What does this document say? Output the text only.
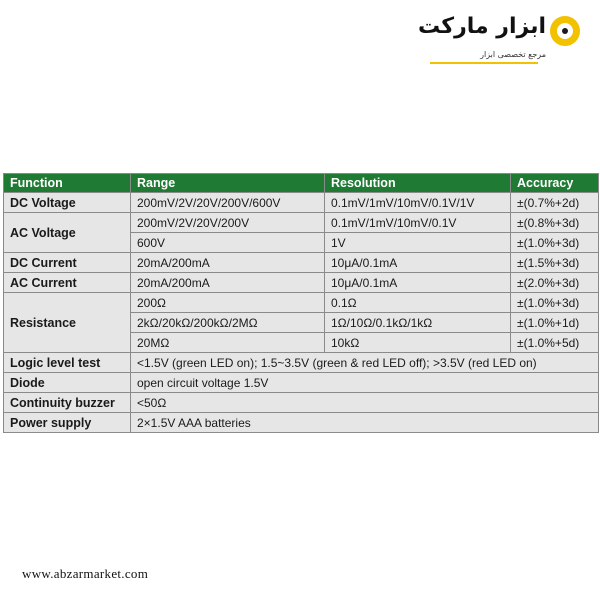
ابزار مارکت
مرجع تخصصی ابزار
Function	Range	Resolution	Accuracy
DC Voltage	200mV/2V/20V/200V/600V	0.1mV/1mV/10mV/0.1V/1V	±(0.7%+2d)
AC Voltage	200mV/2V/20V/200V	0.1mV/1mV/10mV/0.1V	±(0.8%+3d)
	600V	1V	±(1.0%+3d)
DC Current	20mA/200mA	10μA/0.1mA	±(1.5%+3d)
AC Current	20mA/200mA	10μA/0.1mA	±(2.0%+3d)
Resistance	200Ω	0.1Ω	±(1.0%+3d)
	2kΩ/20kΩ/200kΩ/2MΩ	1Ω/10Ω/0.1kΩ/1kΩ	±(1.0%+1d)
	20MΩ	10kΩ	±(1.0%+5d)
Logic level test	<1.5V (green LED on); 1.5~3.5V (green & red LED off); >3.5V (red LED on)		
Diode	open circuit voltage 1.5V		
Continuity buzzer	<50Ω		
Power supply	2×1.5V AAA batteries		
www.abzarmarket.com
